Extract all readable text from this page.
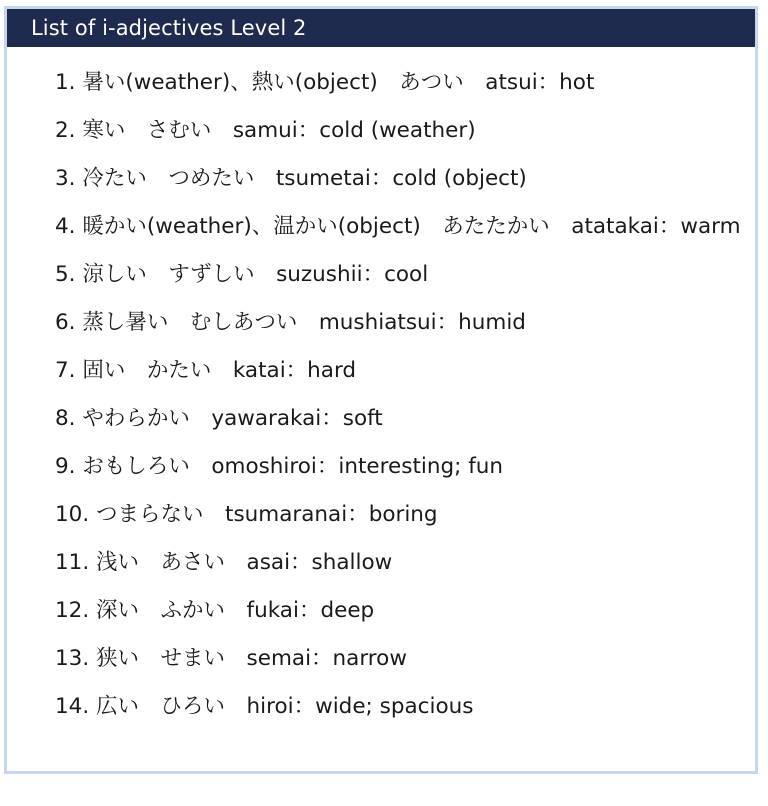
List of i-adjectives Level 2
1. 暑い(weather)、熱い(object)　あつい　atsui：hot
2. 寒い　さむい　samui：cold (weather)
3. 冷たい　つめたい　tsumetai：cold (object)
4. 暖かい(weather)、温かい(object)　あたたかい　atatakai：warm
5. 涼しい　すずしい　suzushii：cool
6. 蒸し暑い　むしあつい　mushiatsui：humid
7. 固い　かたい　katai：hard
8. やわらかい　yawarakai：soft
9. おもしろい　omoshiroi：interesting; fun
10. つまらない　tsumaranai：boring
11. 浅い　あさい　asai：shallow
12. 深い　ふかい　fukai：deep
13. 狭い　せまい　semai：narrow
14. 広い　ひろい　hiroi：wide; spacious
